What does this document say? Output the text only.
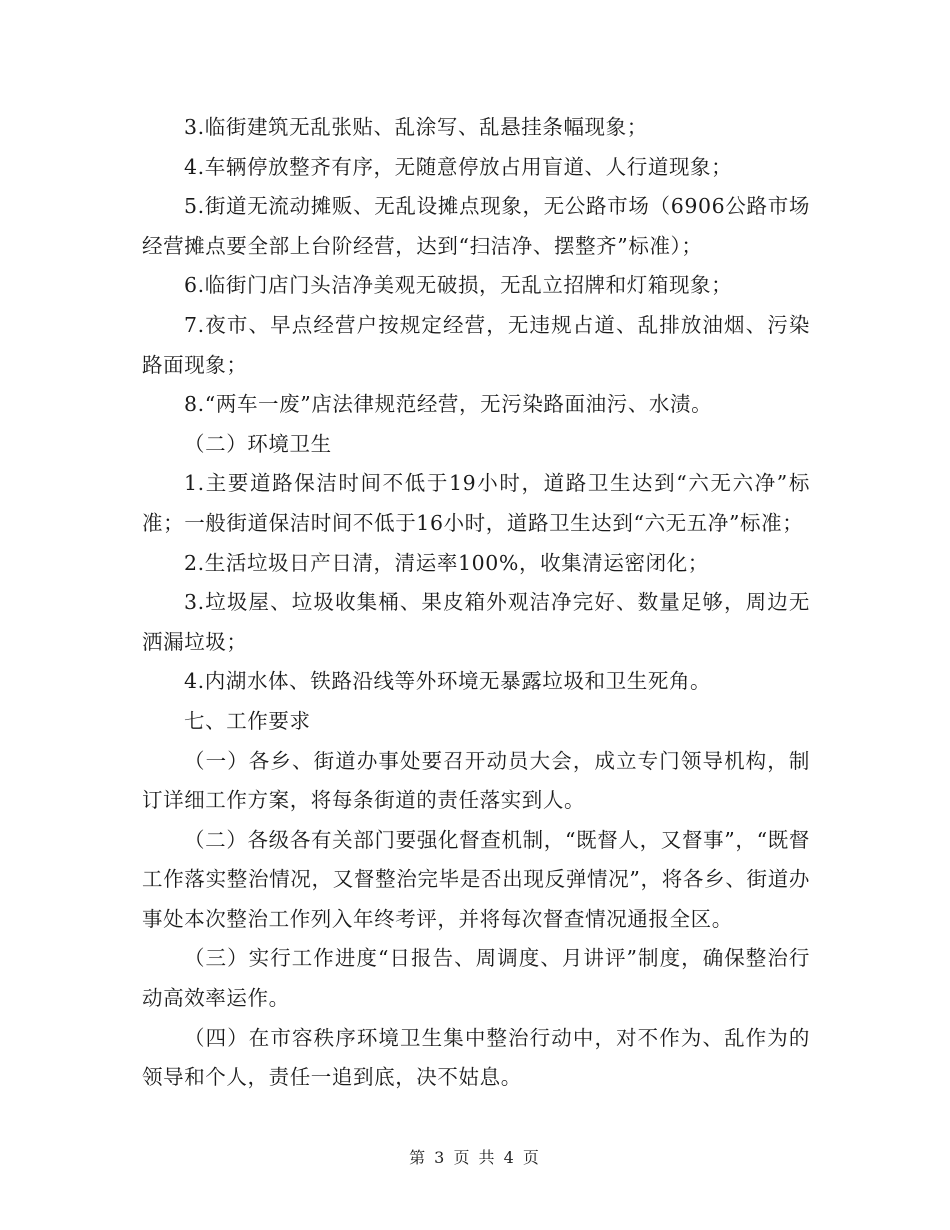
3.临街建筑无乱张贴、乱涂写、乱悬挂条幅现象；

4.车辆停放整齐有序，无随意停放占用盲道、人行道现象；

5.街道无流动摊贩、无乱设摊点现象，无公路市场（6906公路市场经营摊点要全部上台阶经营，达到“扫洁净、摆整齐”标准）；

6.临街门店门头洁净美观无破损，无乱立招牌和灯箱现象；

7.夜市、早点经营户按规定经营，无违规占道、乱排放油烟、污染路面现象；

8.“两车一废”店法律规范经营，无污染路面油污、水渍。

（二）环境卫生

1.主要道路保洁时间不低于19小时，道路卫生达到“六无六净”标准；一般街道保洁时间不低于16小时，道路卫生达到“六无五净”标准；

2.生活垃圾日产日清，清运率100%，收集清运密闭化；

3.垃圾屋、垃圾收集桶、果皮箱外观洁净完好、数量足够，周边无洒漏垃圾；

4.内湖水体、铁路沿线等外环境无暴露垃圾和卫生死角。

七、工作要求

（一）各乡、街道办事处要召开动员大会，成立专门领导机构，制订详细工作方案，将每条街道的责任落实到人。

（二）各级各有关部门要强化督查机制，“既督人，又督事”，“既督工作落实整治情况，又督整治完毕是否出现反弹情况”，将各乡、街道办事处本次整治工作列入年终考评，并将每次督查情况通报全区。

（三）实行工作进度“日报告、周调度、月讲评”制度，确保整治行动高效率运作。

（四）在市容秩序环境卫生集中整治行动中，对不作为、乱作为的领导和个人，责任一追到底，决不姑息。

第 3 页 共 4 页
